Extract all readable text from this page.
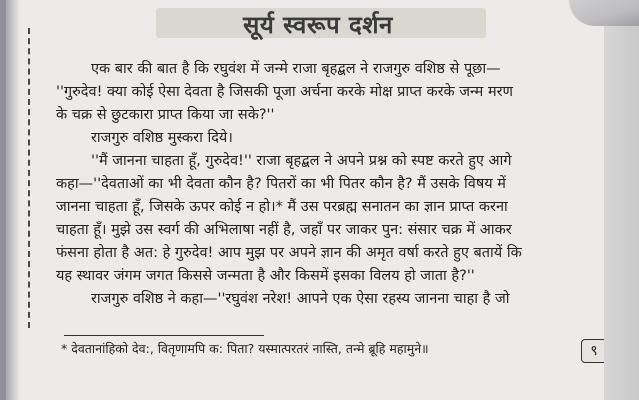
सूर्य स्वरूप दर्शन
एक बार की बात है कि रघुवंश में जन्मे राजा बृहद्बल ने राजगुरु वशिष्ठ से पूछा—
''गुरुदेव! क्या कोई ऐसा देवता है जिसकी पूजा अर्चना करके मोक्ष प्राप्त करके जन्म मरण
के चक्र से छुटकारा प्राप्त किया जा सके?''
राजगुरु वशिष्ठ मुस्करा दिये।
''मैं जानना चाहता हूँ, गुरुदेव!'' राजा बृहद्बल ने अपने प्रश्न को स्पष्ट करते हुए आगे
कहा—''देवताओं का भी देवता कौन है? पितरों का भी पितर कौन है? मैं उसके विषय में
जानना चाहता हूँ, जिसके ऊपर कोई न हो।* मैं उस परब्रह्म सनातन का ज्ञान प्राप्त करना
चाहता हूँ। मुझे उस स्वर्ग की अभिलाषा नहीं है, जहाँ पर जाकर पुन: संसार चक्र में आकर
फंसना होता है अत: हे गुरुदेव! आप मुझ पर अपने ज्ञान की अमृत वर्षा करते हुए बतायें कि
यह स्थावर जंगम जगत किससे जन्मता है और किसमें इसका विलय हो जाता है?''
राजगुरु वशिष्ठ ने कहा—''रघुवंश नरेश! आपने एक ऐसा रहस्य जानना चाहा है जो
* देवतानांहिको देव:, वितृणामपि क: पिता? यस्मात्परतरं नास्ति, तन्मे ब्रूहि महामुने॥	९
